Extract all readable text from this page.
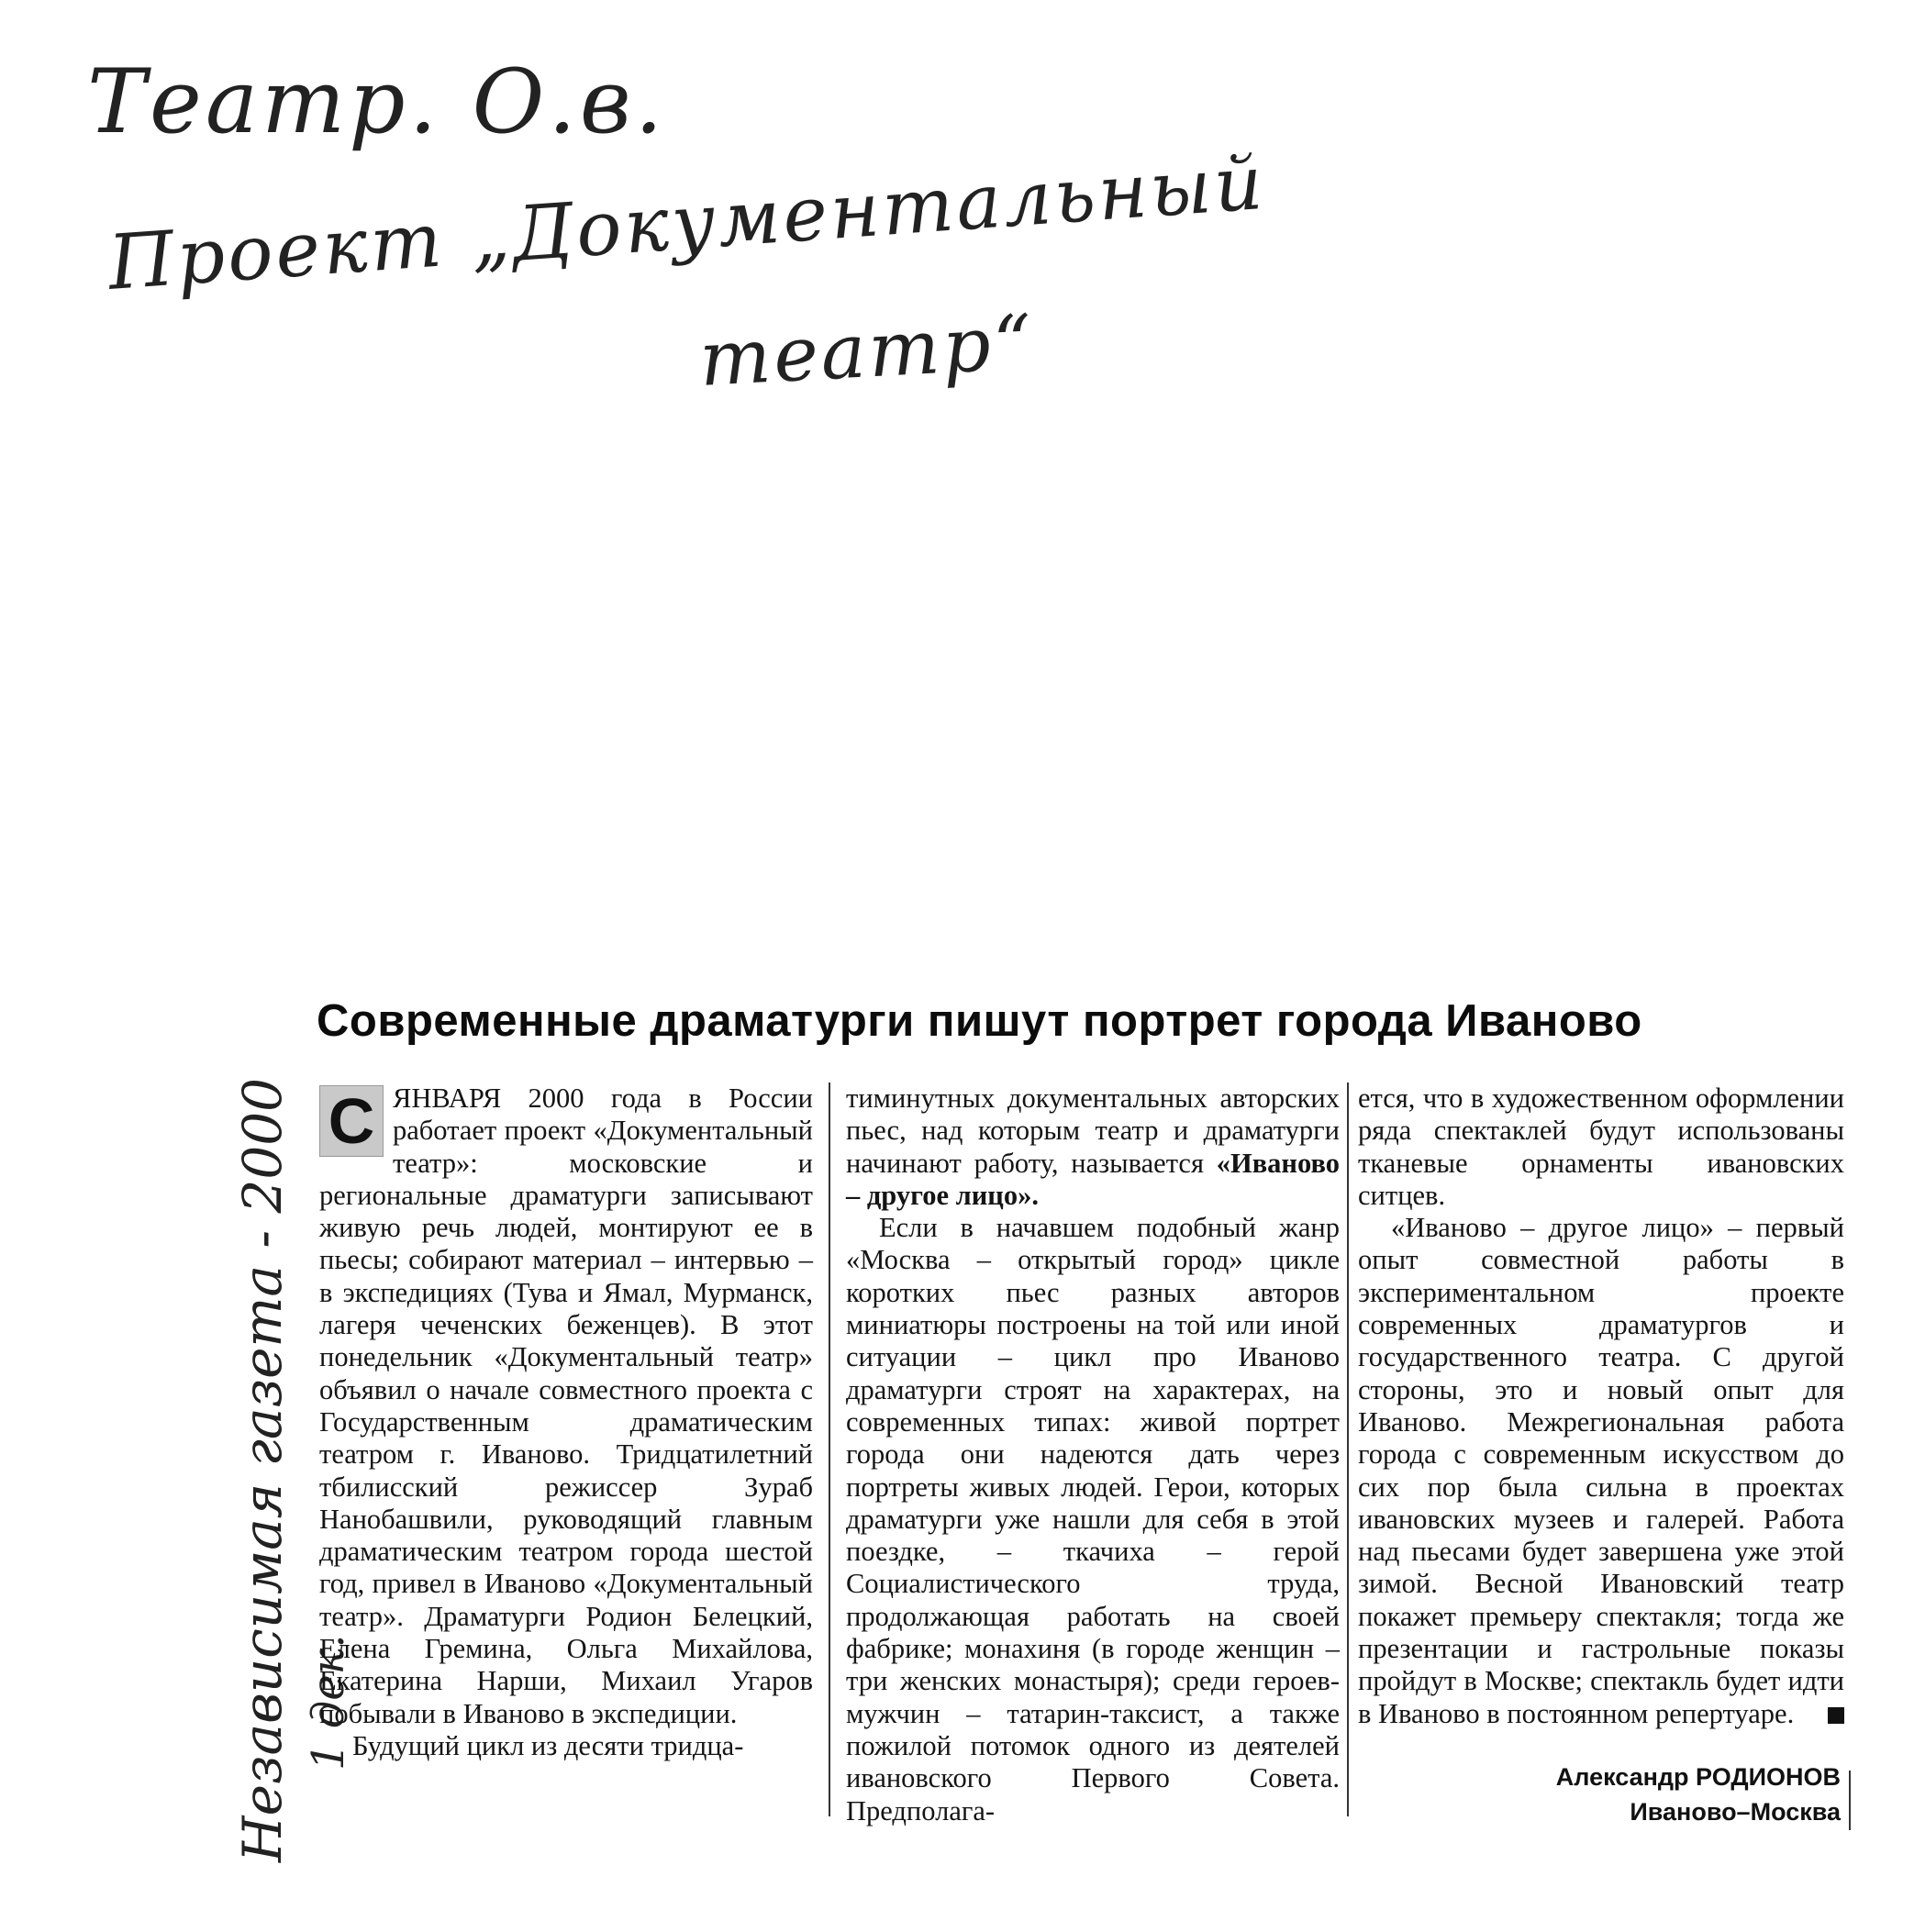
Театр. О.в.
Проект „Документальный
театр“
Независимая газета - 2000 1 дек.
Современные драматурги пишут портрет города Иваново

С ЯНВАРЯ 2000 года в России работает проект «Документальный театр»: московские и региональные драматурги записывают живую речь людей, монтируют ее в пьесы; собирают материал – интервью – в экспедициях (Тува и Ямал, Мурманск, лагеря чеченских беженцев). В этот понедельник «Документальный театр» объявил о начале совместного проекта с Государственным драматическим театром г. Иваново. Тридцатилетний тбилисский режиссер Зураб Нанобашвили, руководящий главным драматическим театром города шестой год, привел в Иваново «Документальный театр». Драматурги Родион Белецкий, Елена Гремина, Ольга Михайлова, Екатерина Нарши, Михаил Угаров побывали в Иваново в экспедиции.

Будущий цикл из десяти тридца-

тиминутных документальных авторских пьес, над которым театр и драматурги начинают работу, называется «Иваново – другое лицо».

Если в начавшем подобный жанр «Москва – открытый город» цикле коротких пьес разных авторов миниатюры построены на той или иной ситуации – цикл про Иваново драматурги строят на характерах, на современных типах: живой портрет города они надеются дать через портреты живых людей. Герои, которых драматурги уже нашли для себя в этой поездке, – ткачиха – герой Социалистического труда, продолжающая работать на своей фабрике; монахиня (в городе женщин – три женских монастыря); среди героев-мужчин – татарин-таксист, а также пожилой потомок одного из деятелей ивановского Первого Совета. Предполага-

ется, что в художественном оформлении ряда спектаклей будут использованы тканевые орнаменты ивановских ситцев.

«Иваново – другое лицо» – первый опыт совместной работы в экспериментальном проекте современных драматургов и государственного театра. С другой стороны, это и новый опыт для Иваново. Межрегиональная работа города с современным искусством до сих пор была сильна в проектах ивановских музеев и галерей. Работа над пьесами будет завершена уже этой зимой. Весной Ивановский театр покажет премьеру спектакля; тогда же презентации и гастрольные показы пройдут в Москве; спектакль будет идти в Иваново в постоянном репертуаре.

Александр РОДИОНОВ
Иваново–Москва
